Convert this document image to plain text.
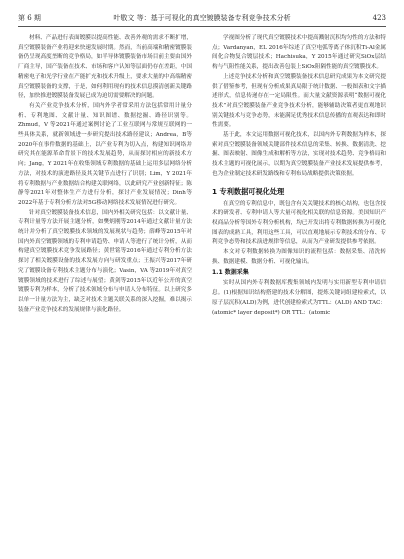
第 6 期	叶敬文 等：基于可视化的真空镀膜装备专利竞争技术分析	423

材料、产品进行表面镀膜以提高性能、改善外观的需求不断扩增，真空镀膜装备产业将迎来快速发展时期。然而，当前高端和精密镀膜装备仍呈现高度垄断的竞争格局，如半导体镀膜装备市场目前主要由国外厂商主导，国产装备在技术、市场和客户认知等层面仍存在差距，中国精密电子和光学行业在产能扩充和技术升级上，要求大量的中高端精密真空镀膜装备的支撑，于是，如何利用现有的技术信息摸清创新关键路径，加快推进镀膜装备发展已成为迫切需要解决的问题。

有关产业竞争技术分析，国内外学者常采用方法包括常用计量分析、专利地图、文献计量、知识图谱、数据挖掘、路径识别等。Zhmud，V 等2021年通过案例讨论了工业互联网与常规互联网的一些具体关系，就新领域进一步研究提出技术路径建议；Andrea，B等2020年在事件数据的基础上，以产业专利为切入点，构建知识网络并研究其在能源革命背景下的技术发展趋势，从而探讨相应的新技术方向；Jang，Y 2021年在收集领域专利数据的基础上运用多层网络分析方法，对技术的演进路径及其关键节点进行了识别；Lim，Y 2021年将专利数据与产业数据结合构建关联网络，以此研究产业创新特征；陈静等2021年对整体生产力进行分析，探讨产业发展情况；Dinh等2022年基于专利分析方法对5G移动网络技术发展情况进行研究。

针对真空镀膜装备技术信息，国内外相关研究包括：以文献计量、专利计量等方法开展主题分析，如樊炳刚等2014年通过文献计量方法统计并分析了真空镀膜技术领域的发展现状与趋势；薛峰等2015年对国内外真空镀膜领域的专利申请趋势、申请人等进行了统计分析，从而构建真空镀膜技术竞争发展路径；黄世铭等2016年通过专利分析方法探讨了相关镀膜设备的技术发展方向与研发重点；王振兴等2017年研究了镀膜设备专利技术主题分布与演化；Vasin，VA 等2019年对真空镀膜领域的技术进行了综述与展望；黄剑等2015年以近年公开的真空镀膜专利为样本，分析了技术领域分布与申请人分布特征。以上研究多以单一计量方法为主，缺乏对技术主题关联关系的深入挖掘，难以揭示装备产业竞争技术的发展规律与演化路径。

学视图分析了现代真空镀膜技术中提高溅射沉积均匀性的方法和特点；Vardanyan，EL 2016年综述了真空电弧等离子体沉积Ti-Al金属间化合物复合镀层技术；Hachisuka，Y 2015年通过研究SiOx层结构与气阻性能关系，提出改善包装上SiOx阻隔性能的真空镀膜技术。

上述竞争技术分析和真空镀膜装备技术信息研究成果为本文研究提供了借鉴参考，但现有分析成果真局限于统计数据、一般图表和文字描述形式，信息传递存在一定局限性。而大量文献资源表明“数据可视化技术”对真空镀膜装备产业竞争技术分析，能够辅助决策者更直观地识别关键技术与竞争态势，未能满足优秀技术信息传播的直观表达和即时性需要。

基于此，本文运用数据可视化技术，以国内外专利数据为样本，探索对真空镀膜装备领域关键部件技术信息的采集、转换、数据清洗、挖掘、图表映射、图像生成和解析等方法，实现对技术趋势、竞争格局和技术主题的可视化展示，以期为真空镀膜装备产业技术发展提供参考，也为企业制定技术研发路线和专利布局战略提供决策依据。

1 专利数据可视化处理

在真空的专利信息中，既包含有关关键技术的核心结构，也包含技术的研发者、专利申请人等大量可视化相关联的信息资源。美国知识产权商品分析等国外专利分析机构，均已开发出将专利数据转换为可视化图表的成熟工具，利用这些工具，可以直观地展示专利技术的分布、专利竞争态势和技术演进规律等信息，从而为产业研发提供参考依据。

本文对专利数据转换为图像知识的流程包括：数据采集、清洗转换、数据建模、数据分析、可视化输出。

1.1 数据采集

实时从国内外专利数据库搜集领域内发明与实用新型专利申请信息。(1)根据知识结构搭建的技术分解图，提炼关键词组建检索式，以原子层沉积(ALD)为例，进代创建检索式为TTL：(ALD) AND TAC：(atomic* layer deposit*) OR TTL：(atomic
